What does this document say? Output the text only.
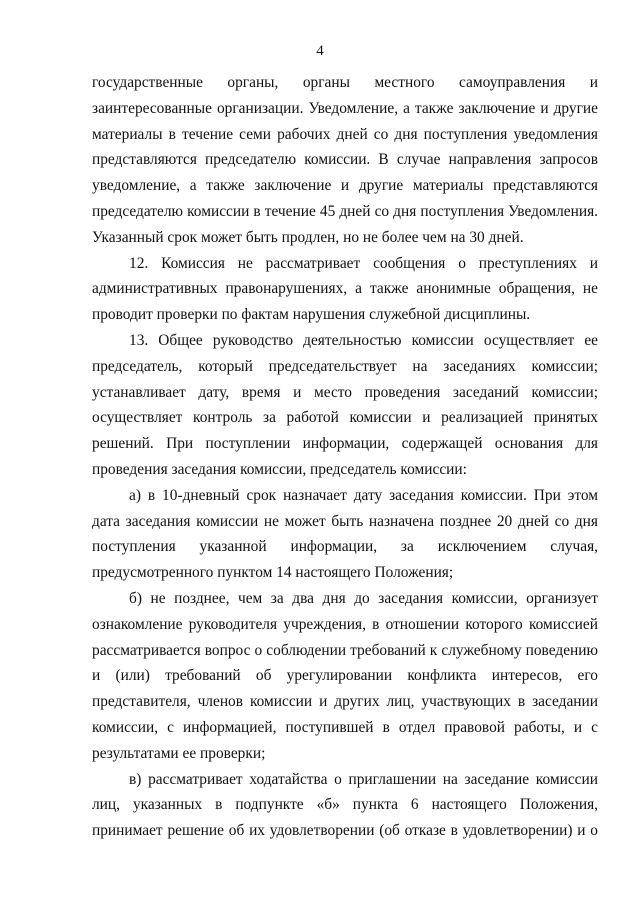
4

государственные органы, органы местного самоуправления и заинтересованные организации. Уведомление, а также заключение и другие материалы в течение семи рабочих дней со дня поступления уведомления представляются председателю комиссии. В случае направления запросов уведомление, а также заключение и другие материалы представляются председателю комиссии в течение 45 дней со дня поступления Уведомления. Указанный срок может быть продлен, но не более чем на 30 дней.

12. Комиссия не рассматривает сообщения о преступлениях и административных правонарушениях, а также анонимные обращения, не проводит проверки по фактам нарушения служебной дисциплины.

13. Общее руководство деятельностью комиссии осуществляет ее председатель, который председательствует на заседаниях комиссии; устанавливает дату, время и место проведения заседаний комиссии; осуществляет контроль за работой комиссии и реализацией принятых решений. При поступлении информации, содержащей основания для проведения заседания комиссии, председатель комиссии:

а) в 10-дневный срок назначает дату заседания комиссии. При этом дата заседания комиссии не может быть назначена позднее 20 дней со дня поступления указанной информации, за исключением случая, предусмотренного пунктом 14 настоящего Положения;

б) не позднее, чем за два дня до заседания комиссии, организует ознакомление руководителя учреждения, в отношении которого комиссией рассматривается вопрос о соблюдении требований к служебному поведению и (или) требований об урегулировании конфликта интересов, его представителя, членов комиссии и других лиц, участвующих в заседании комиссии, с информацией, поступившей в отдел правовой работы, и с результатами ее проверки;

в) рассматривает ходатайства о приглашении на заседание комиссии лиц, указанных в подпункте «б» пункта 6 настоящего Положения, принимает решение об их удовлетворении (об отказе в удовлетворении) и о
